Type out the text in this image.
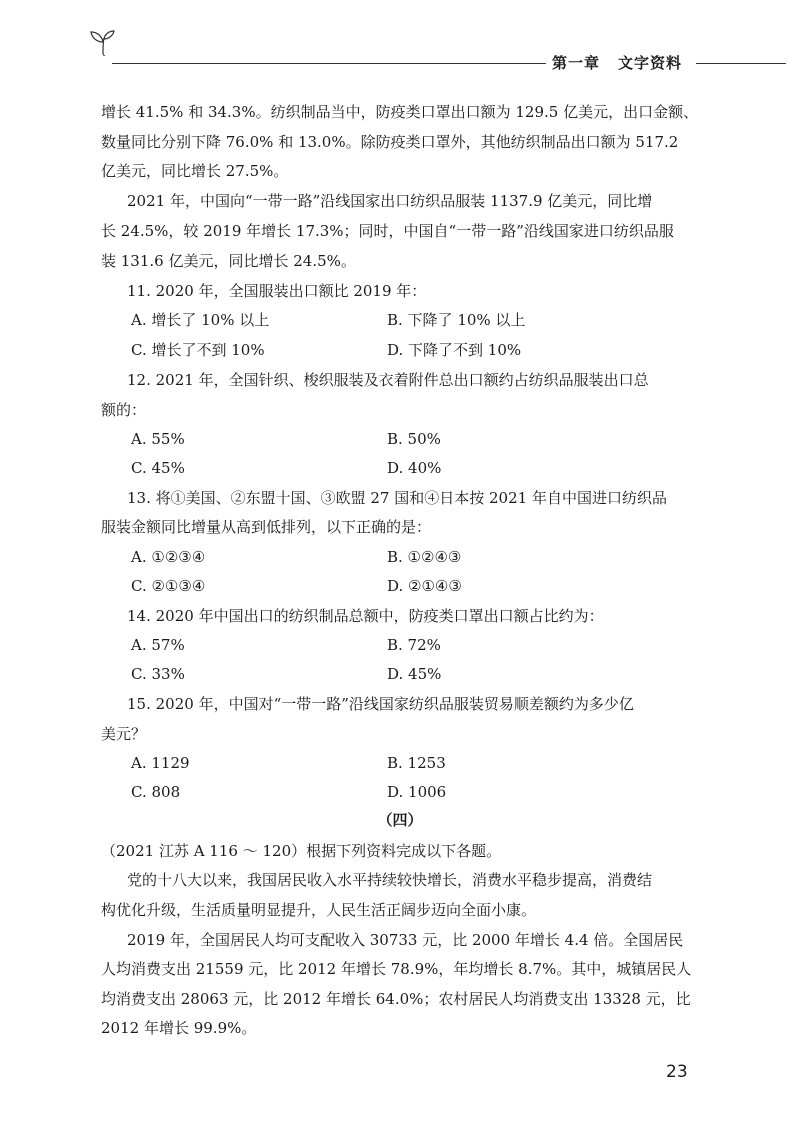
第一章 文字资料
增长 41.5% 和 34.3%。纺织制品当中，防疫类口罩出口额为 129.5 亿美元，出口金额、
数量同比分别下降 76.0% 和 13.0%。除防疫类口罩外，其他纺织制品出口额为 517.2
亿美元，同比增长 27.5%。
2021 年，中国向“一带一路”沿线国家出口纺织品服装 1137.9 亿美元，同比增
长 24.5%，较 2019 年增长 17.3%；同时，中国自“一带一路”沿线国家进口纺织品服
装 131.6 亿美元，同比增长 24.5%。
11. 2020 年，全国服装出口额比 2019 年：
A. 增长了 10% 以上	B. 下降了 10% 以上
C. 增长了不到 10%	D. 下降了不到 10%
12. 2021 年，全国针织、梭织服装及衣着附件总出口额约占纺织品服装出口总
额的：
A. 55%	B. 50%
C. 45%	D. 40%
13. 将①美国、②东盟十国、③欧盟 27 国和④日本按 2021 年自中国进口纺织品
服装金额同比增量从高到低排列，以下正确的是：
A. ①②③④	B. ①②④③
C. ②①③④	D. ②①④③
14. 2020 年中国出口的纺织制品总额中，防疫类口罩出口额占比约为：
A. 57%	B. 72%
C. 33%	D. 45%
15. 2020 年，中国对“一带一路”沿线国家纺织品服装贸易顺差额约为多少亿
美元？
A. 1129	B. 1253
C. 808	D. 1006
（四）
（2021 江苏 A 116 ～ 120）根据下列资料完成以下各题。
党的十八大以来，我国居民收入水平持续较快增长，消费水平稳步提高，消费结
构优化升级，生活质量明显提升，人民生活正阔步迈向全面小康。
2019 年，全国居民人均可支配收入 30733 元，比 2000 年增长 4.4 倍。全国居民
人均消费支出 21559 元，比 2012 年增长 78.9%，年均增长 8.7%。其中，城镇居民人
均消费支出 28063 元，比 2012 年增长 64.0%；农村居民人均消费支出 13328 元，比
2012 年增长 99.9%。
23
